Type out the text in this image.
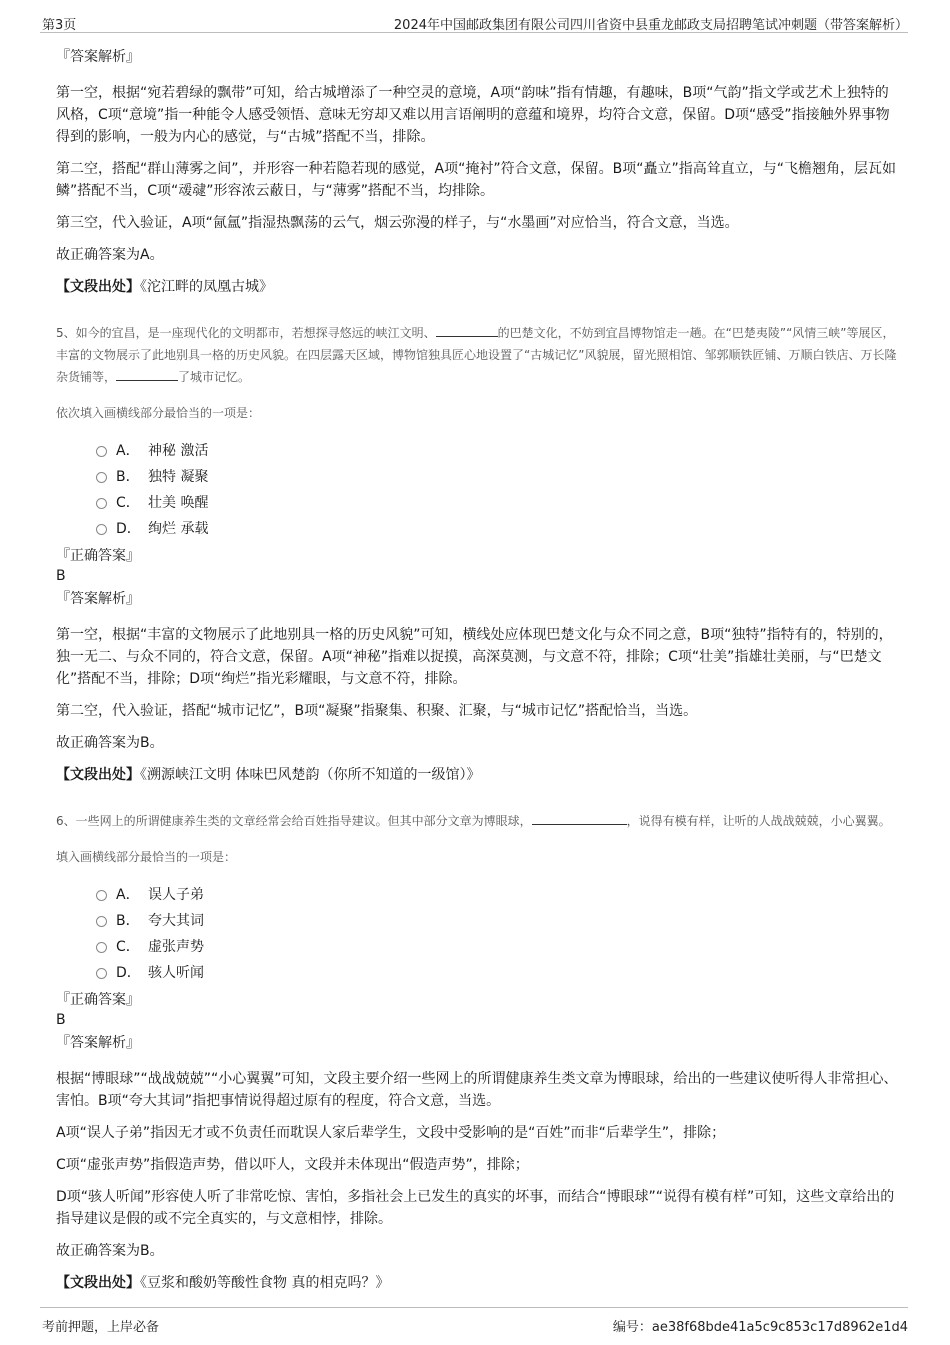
第3页	2024年中国邮政集团有限公司四川省资中县重龙邮政支局招聘笔试冲刺题（带答案解析）
『答案解析』

第一空，根据“宛若碧绿的飘带”可知，给古城增添了一种空灵的意境，A项“韵味”指有情趣，有趣味，B项“气韵”指文学或艺术上独特的风格，C项“意境”指一种能令人感受领悟、意味无穷却又难以用言语阐明的意蕴和境界，均符合文意，保留。D项“感受”指接触外界事物得到的影响，一般为内心的感觉，与“古城”搭配不当，排除。

第二空，搭配“群山薄雾之间”，并形容一种若隐若现的感觉，A项“掩衬”符合文意，保留。B项“矗立”指高耸直立，与“飞檐翘角，层瓦如鳞”搭配不当，C项“叆叇”形容浓云蔽日，与“薄雾”搭配不当，均排除。

第三空，代入验证，A项“氤氲”指湿热飘荡的云气，烟云弥漫的样子，与“水墨画”对应恰当，符合文意，当选。

故正确答案为A。

【文段出处】《沱江畔的凤凰古城》

5、如今的宜昌，是一座现代化的文明都市，若想探寻悠远的峡江文明、	的巴楚文化，不妨到宜昌博物馆走一趟。在“巴楚夷陵”“风情三峡”等展区，丰富的文物展示了此地别具一格的历史风貌。在四层露天区域，博物馆独具匠心地设置了“古城记忆”风貌展，留光照相馆、邹郭顺铁匠铺、万顺白铁店、万长隆杂货铺等，	了城市记忆。
依次填入画横线部分最恰当的一项是：
A． 神秘 激活
B． 独特 凝聚
C． 壮美 唤醒
D． 绚烂 承载
『正确答案』
B
『答案解析』

第一空，根据“丰富的文物展示了此地别具一格的历史风貌”可知，横线处应体现巴楚文化与众不同之意，B项“独特”指特有的，特别的，独一无二、与众不同的，符合文意，保留。A项“神秘”指难以捉摸，高深莫测，与文意不符，排除；C项“壮美”指雄壮美丽，与“巴楚文化”搭配不当，排除；D项“绚烂”指光彩耀眼，与文意不符，排除。

第二空，代入验证，搭配“城市记忆”，B项“凝聚”指聚集、积聚、汇聚，与“城市记忆”搭配恰当，当选。

故正确答案为B。

【文段出处】《溯源峡江文明 体味巴风楚韵（你所不知道的一级馆）》

6、一些网上的所谓健康养生类的文章经常会给百姓指导建议。但其中部分文章为博眼球，	，说得有模有样，让听的人战战兢兢，小心翼翼。
填入画横线部分最恰当的一项是：
A． 误人子弟
B． 夸大其词
C． 虚张声势
D． 骇人听闻
『正确答案』
B
『答案解析』

根据“博眼球”“战战兢兢”“小心翼翼”可知，文段主要介绍一些网上的所谓健康养生类文章为博眼球，给出的一些建议使听得人非常担心、害怕。B项“夸大其词”指把事情说得超过原有的程度，符合文意，当选。

A项“误人子弟”指因无才或不负责任而耽误人家后辈学生，文段中受影响的是“百姓”而非“后辈学生”，排除；

C项“虚张声势”指假造声势，借以吓人，文段并未体现出“假造声势”，排除；

D项“骇人听闻”形容使人听了非常吃惊、害怕，多指社会上已发生的真实的坏事，而结合“博眼球”“说得有模有样”可知，这些文章给出的指导建议是假的或不完全真实的，与文意相悖，排除。

故正确答案为B。

【文段出处】《豆浆和酸奶等酸性食物 真的相克吗？》

考前押题，上岸必备	编号：ae38f68bde41a5c9c853c17d8962e1d4
